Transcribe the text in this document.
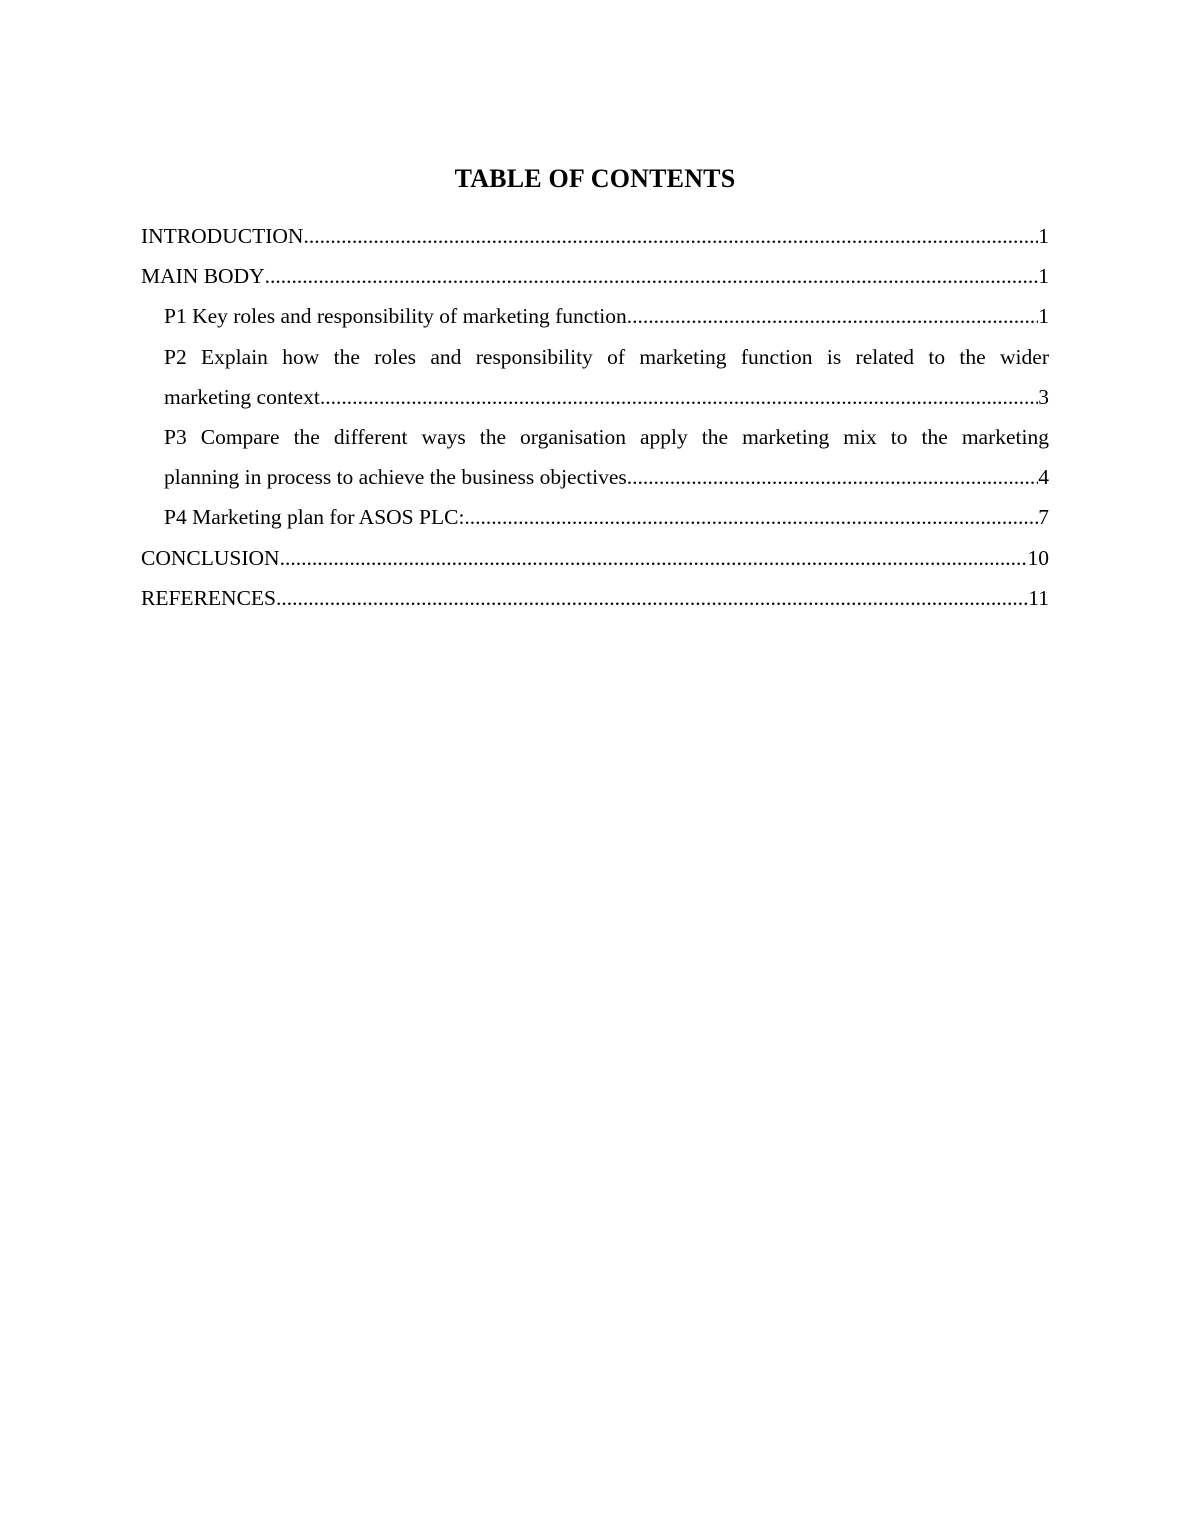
TABLE OF CONTENTS
INTRODUCTION .....	1
MAIN BODY .....	1
P1 Key roles and responsibility of marketing function .....	1
P2 Explain how the roles and responsibility of marketing function is related to the wider
marketing context .....	3
P3 Compare the different ways the organisation apply the marketing mix to the marketing
planning in process to achieve the business objectives .....	4
P4 Marketing plan for ASOS PLC: .....	7
CONCLUSION .....	10
REFERENCES .....	11
